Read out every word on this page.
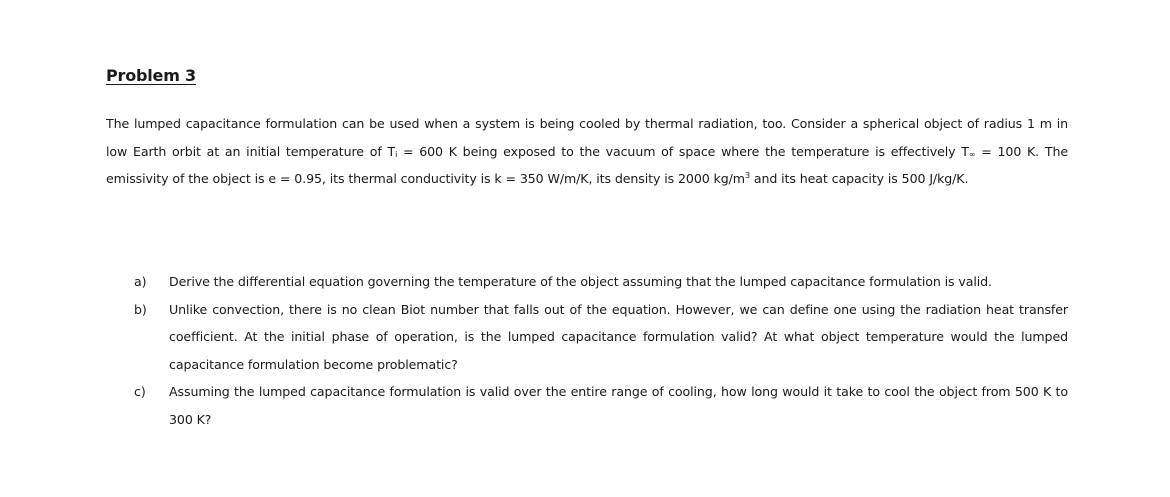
Problem 3

The lumped capacitance formulation can be used when a system is being cooled by thermal radiation, too. Consider a spherical object of radius 1 m in low Earth orbit at an initial temperature of $T_i = 600$ K being exposed to the vacuum of space where the temperature is effectively $T_\infty = 100$ K. The emissivity of the object is e = 0.95, its thermal conductivity is k = 350 W/m/K, its density is 2000 $kg/m^3$ and its heat capacity is 500 J/kg/K.

a) Derive the differential equation governing the temperature of the object assuming that the lumped capacitance formulation is valid.
b) Unlike convection, there is no clean Biot number that falls out of the equation. However, we can define one using the radiation heat transfer coefficient. At the initial phase of operation, is the lumped capacitance formulation valid? At what object temperature would the lumped capacitance formulation become problematic?
c) Assuming the lumped capacitance formulation is valid over the entire range of cooling, how long would it take to cool the object from 500 K to 300 K?
